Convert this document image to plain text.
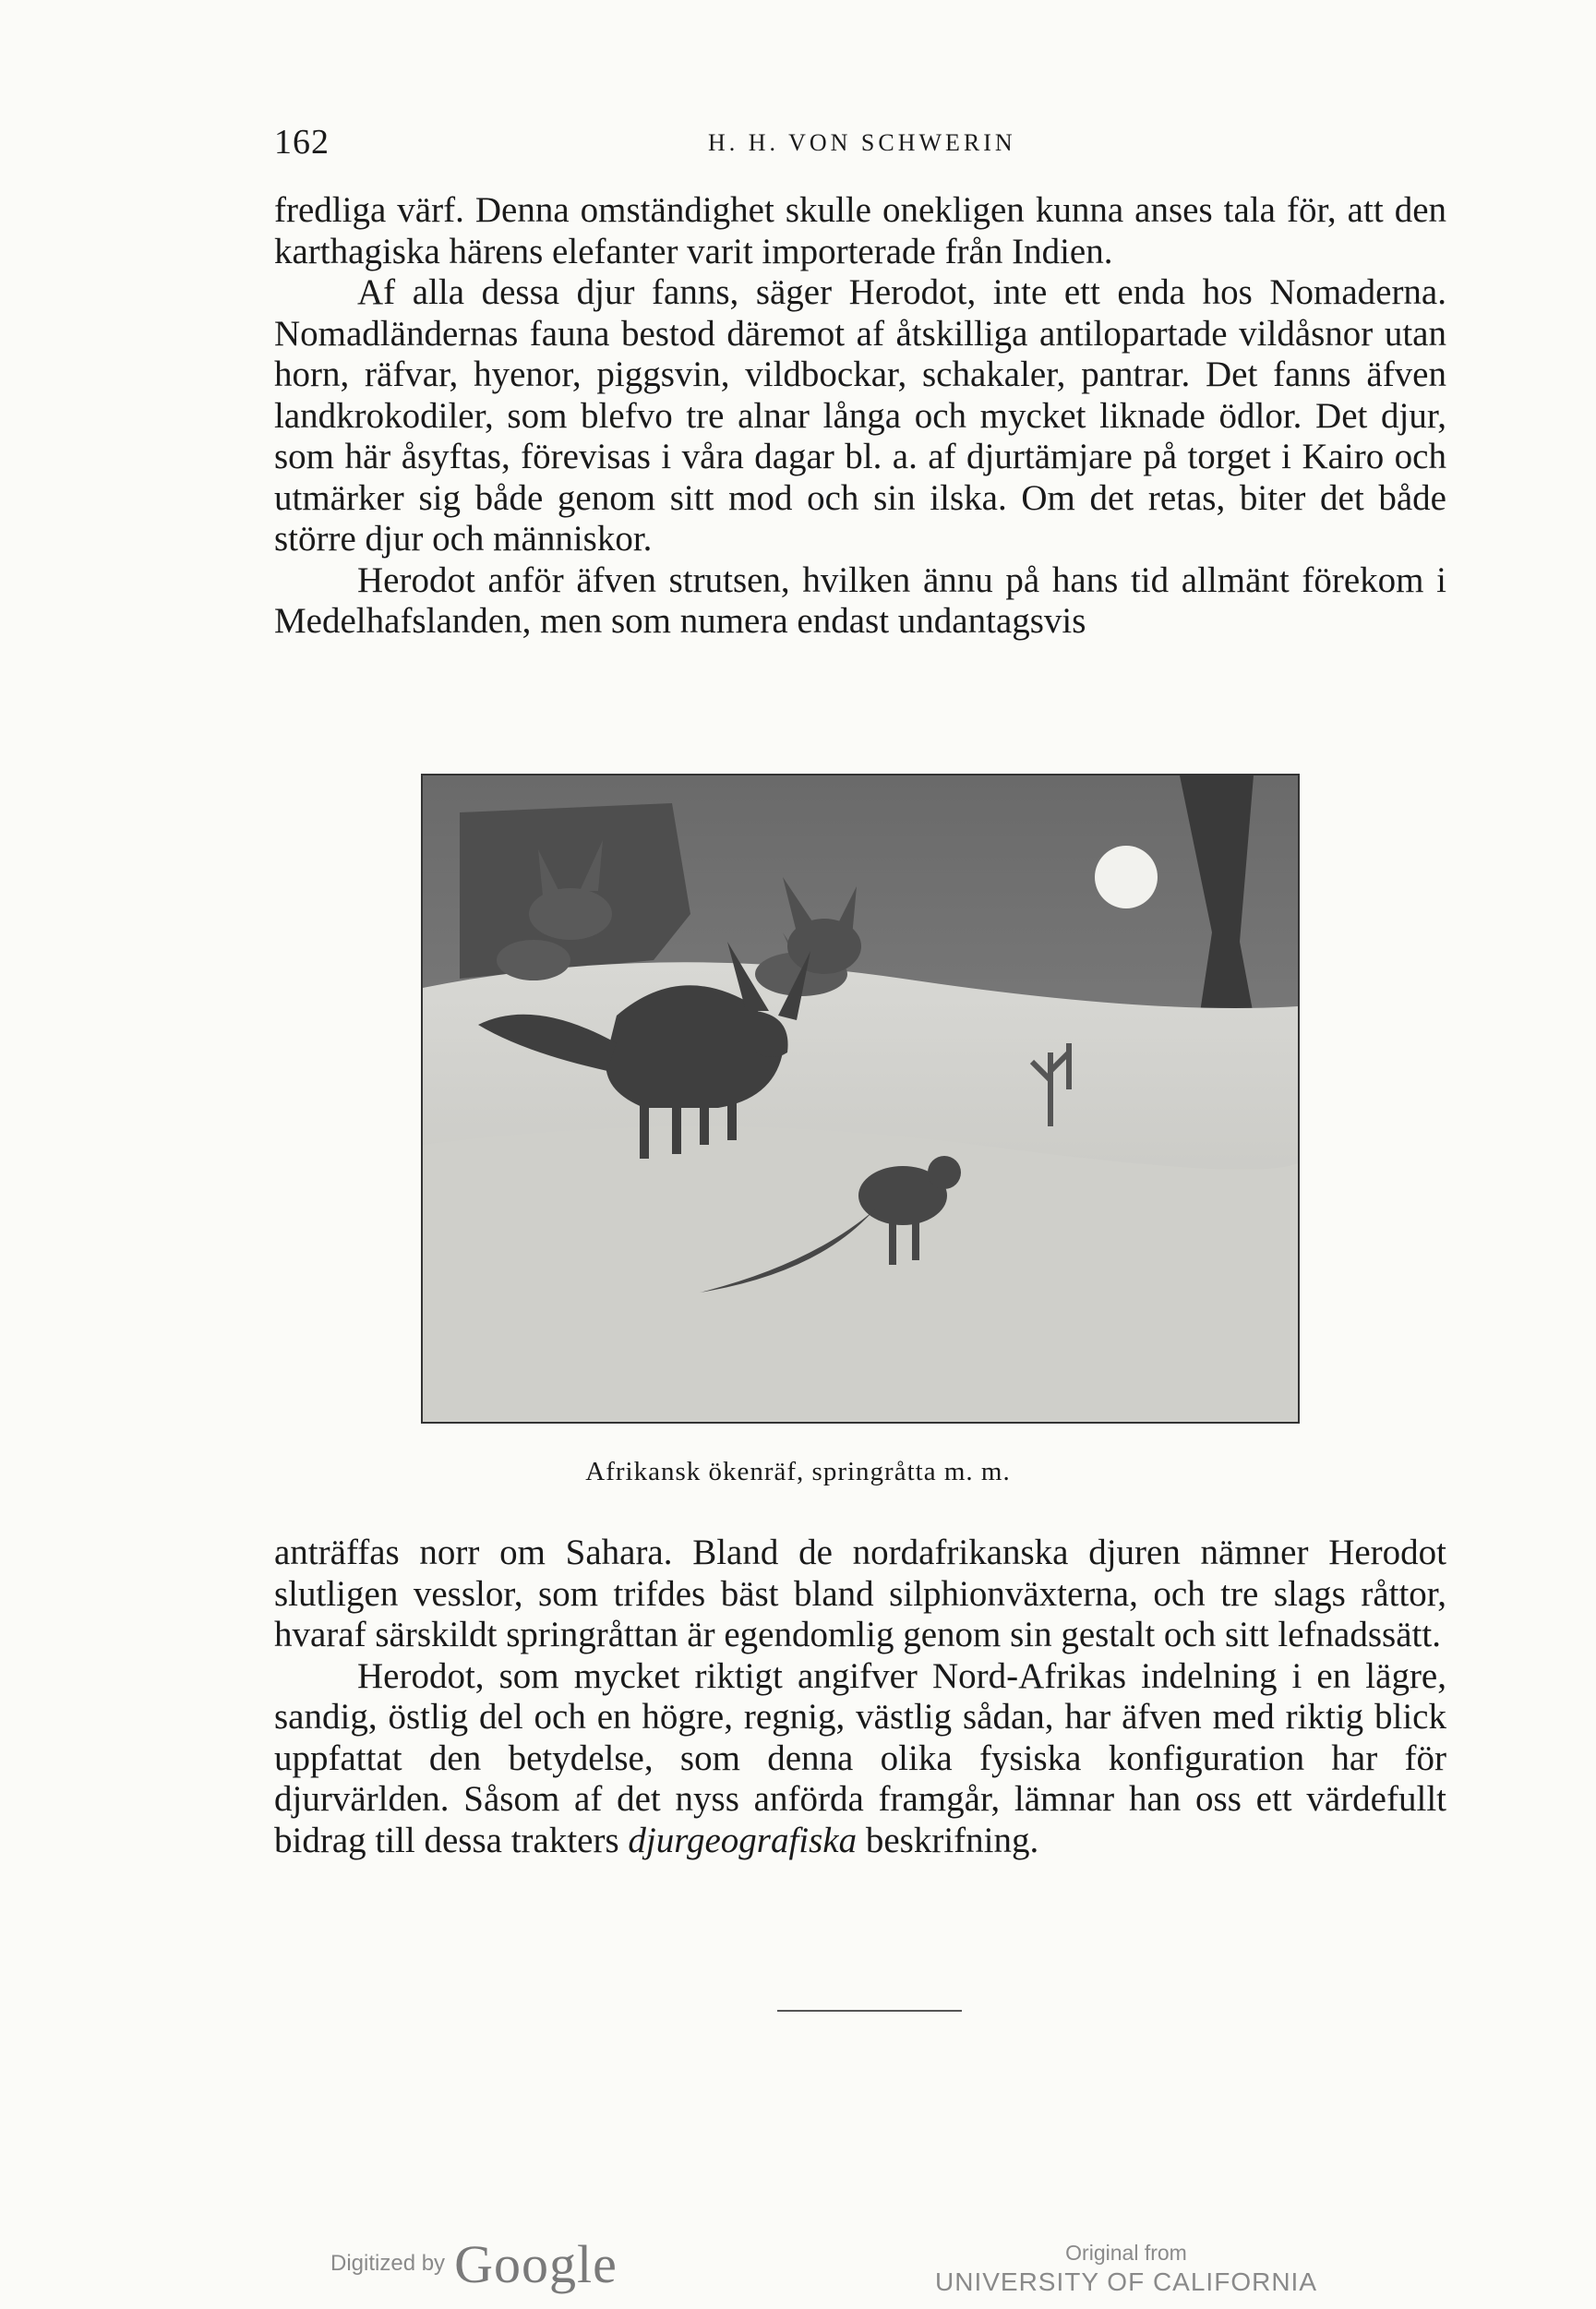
162	H. H. VON SCHWERIN

fredliga värf. Denna omständighet skulle onekligen kunna anses tala för, att den karthagiska härens elefanter varit importerade från Indien.

Af alla dessa djur fanns, säger Herodot, inte ett enda hos Nomaderna. Nomadländernas fauna bestod däremot af åtskilliga antilopartade vildåsnor utan horn, räfvar, hyenor, piggsvin, vildbockar, schakaler, pantrar. Det fanns äfven landkrokodiler, som blefvo tre alnar långa och mycket liknade ödlor. Det djur, som här åsyftas, förevisas i våra dagar bl. a. af djurtämjare på torget i Kairo och utmärker sig både genom sitt mod och sin ilska. Om det retas, biter det både större djur och människor.

Herodot anför äfven strutsen, hvilken ännu på hans tid allmänt förekom i Medelhafslanden, men som numera endast undantagsvis

Afrikansk ökenräf, springråtta m. m.

anträffas norr om Sahara. Bland de nordafrikanska djuren nämner Herodot slutligen vesslor, som trifdes bäst bland silphionväxterna, och tre slags råttor, hvaraf särskildt springråttan är egendomlig genom sin gestalt och sitt lefnadssätt.

Herodot, som mycket riktigt angifver Nord-Afrikas indelning i en lägre, sandig, östlig del och en högre, regnig, västlig sådan, har äfven med riktig blick uppfattat den betydelse, som denna olika fysiska konfiguration har för djurvärlden. Såsom af det nyss anförda framgår, lämnar han oss ett värdefullt bidrag till dessa trakters djurgeografiska beskrifning.

Digitized by Google	Original from
UNIVERSITY OF CALIFORNIA
